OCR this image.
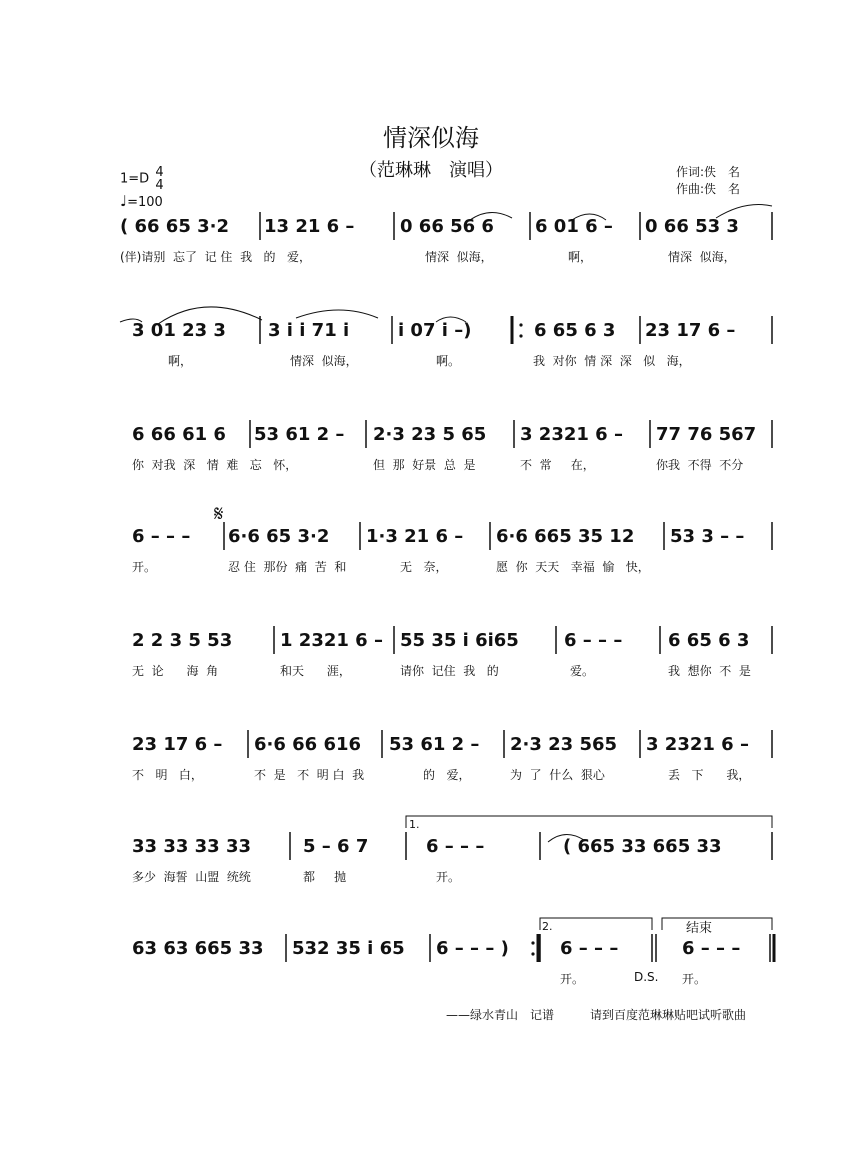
情深似海
（范琳琳　演唱）
1=D 4
4
♩=100
作词:佚　名
作曲:佚　名
( 66 65 3·2 13 21 6 –	0 66 56 6 6 01 6 – 0 66 53 3
(伴)请别  忘了  记 住  我   的   爱，	情深  似海，	啊，	情深  似海，
3 01 23 3 3 i i 71 i	i 07 i –)	6 65 6 3 23 17 6 –
啊，	情深  似海，	啊。	我  对你  情 深  深   似   海，
6 66 61 6 53 61 2 – 2·3 23 5 65 3 2321 6 – 77 76 567
你  对我  深   情  难   忘   怀，	但  那  好景  总  是	不  常     在，	你我  不得  不分
6 – – – 6·6 65 3·2 1·3 21 6 – 6·6 665 35 12 53 3 – –
开。	忍 住  那份  痛  苦  和	无   奈，	愿  你  天天   幸福  愉   快，
2 2 3 5 53	1 2321 6 – 55 35 i 6i65	6 – – –	6 65 6 3
无  论      海  角	和天      涯，	请你  记住  我   的	爱。	我  想你  不  是
23 17 6 – 6·6 66 616 53 61 2 – 2·3 23 565 3 2321 6 –
不   明   白，	不  是   不  明 白  我	的   爱，	为  了  什么  狠心	丢   下      我，
33 33 33 33	5 – 6 7	6 – – –	( 665 33 665 33
多少  海誓  山盟  统统	都     抛	开。
63 63 665 33 532 35 i 65 6 – – – )	6 – – –	6 – – –
开。	D.S. 开。
𝄋
1.
2.	结束
——绿水青山　记谱　　　请到百度范琳琳贴吧试听歌曲
